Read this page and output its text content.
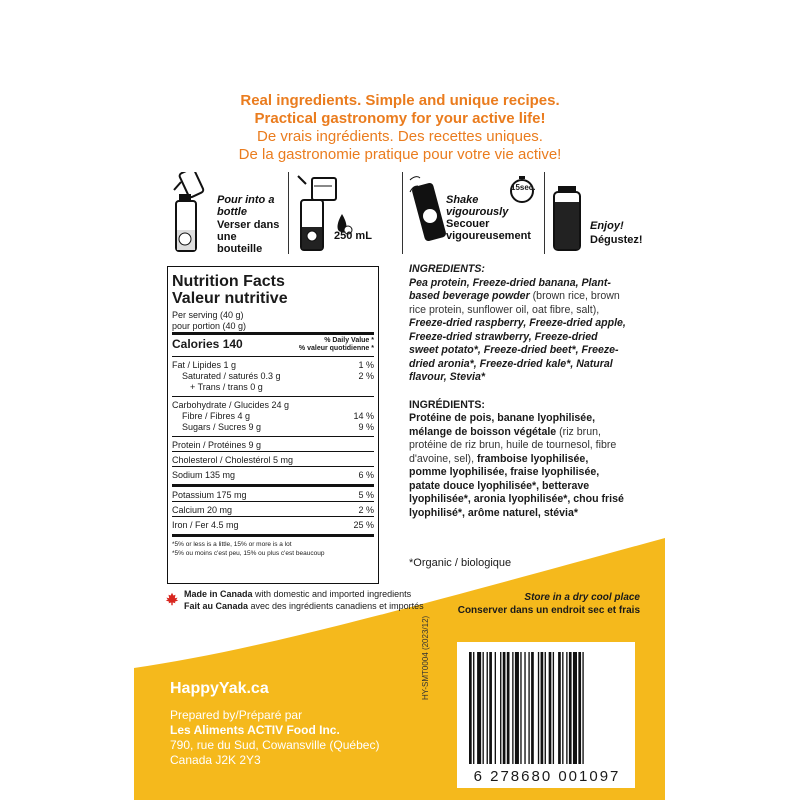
Real ingredients. Simple and unique recipes.
Practical gastronomy for your active life!
De vrais ingrédients. Des recettes uniques.
De la gastronomie pratique pour votre vie active!
Pour into a bottle
Verser dans une bouteille
250 mL
Shake vigourously
Secouer vigoureusement
15sec.
Enjoy!
Dégustez!
Nutrition Facts
Valeur nutritive
Per serving (40 g)
pour portion (40 g)
Calories 140	% Daily Value *
% valeur quotidienne *
Fat / Lipides 1 g	1 %
Saturated / saturés 0.3 g	2 %
+ Trans / trans 0 g
Carbohydrate / Glucides 24 g
Fibre / Fibres 4 g	14 %
Sugars / Sucres 9 g	9 %
Protein / Protéines 9 g
Cholesterol / Cholestérol 5 mg
Sodium 135 mg	6 %
Potassium 175 mg	5 %
Calcium 20 mg	2 %
Iron / Fer 4.5 mg	25 %
*5% or less is a little, 15% or more is a lot
*5% ou moins c'est peu, 15% ou plus c'est beaucoup
INGREDIENTS:
Pea protein, Freeze-dried banana, Plant-based beverage powder (brown rice, brown rice protein, sunflower oil, oat fibre, salt), Freeze-dried raspberry, Freeze-dried apple, Freeze-dried strawberry, Freeze-dried sweet potato*, Freeze-dried beet*, Freeze-dried aronia*, Freeze-dried kale*, Natural flavour, Stevia*
INGRÉDIENTS:
Protéine de pois, banane lyophilisée, mélange de boisson végétale (riz brun, protéine de riz brun, huile de tournesol, fibre d'avoine, sel), framboise lyophilisée, pomme lyophilisée, fraise lyophilisée, patate douce lyophilisée*, betterave lyophilisée*, aronia lyophilisée*, chou frisé lyophilisé*, arôme naturel, stévia*
*Organic / biologique
Made in Canada with domestic and imported ingredients
Fait au Canada avec des ingrédients canadiens et importés
Store in a dry cool place
Conserver dans un endroit sec et frais
HappyYak.ca
Prepared by/Préparé par
Les Aliments ACTIV Food Inc.
790, rue du Sud, Cowansville (Québec)
Canada J2K 2Y3
HY-SMT0004 (2023/12)
6 278680 001097
